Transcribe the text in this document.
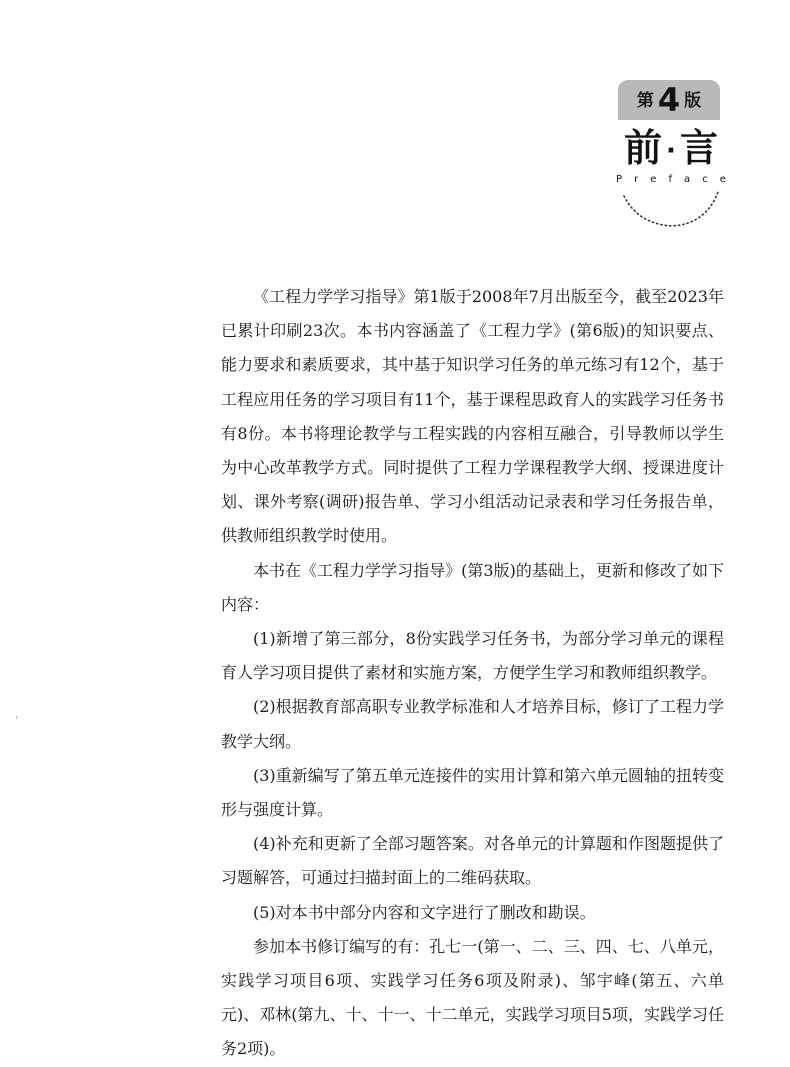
第 4 版
前 · 言
P r e f a c e

《工程力学学习指导》第1版于2008年7月出版至今，截至2023年已累计印刷23次。本书内容涵盖了《工程力学》(第6版)的知识要点、能力要求和素质要求，其中基于知识学习任务的单元练习有12个，基于工程应用任务的学习项目有11个，基于课程思政育人的实践学习任务书有8份。本书将理论教学与工程实践的内容相互融合，引导教师以学生为中心改革教学方式。同时提供了工程力学课程教学大纲、授课进度计划、课外考察(调研)报告单、学习小组活动记录表和学习任务报告单，供教师组织教学时使用。

本书在《工程力学学习指导》(第3版)的基础上，更新和修改了如下内容：

(1)新增了第三部分，8份实践学习任务书，为部分学习单元的课程育人学习项目提供了素材和实施方案，方便学生学习和教师组织教学。

(2)根据教育部高职专业教学标准和人才培养目标，修订了工程力学教学大纲。

(3)重新编写了第五单元连接件的实用计算和第六单元圆轴的扭转变形与强度计算。

(4)补充和更新了全部习题答案。对各单元的计算题和作图题提供了习题解答，可通过扫描封面上的二维码获取。

(5)对本书中部分内容和文字进行了删改和勘误。

参加本书修订编写的有：孔七一(第一、二、三、四、七、八单元，实践学习项目6项、实践学习任务6项及附录)、邹宇峰(第五、六单元)、邓林(第九、十、十一、十二单元，实践学习项目5项，实践学习任务2项)。
